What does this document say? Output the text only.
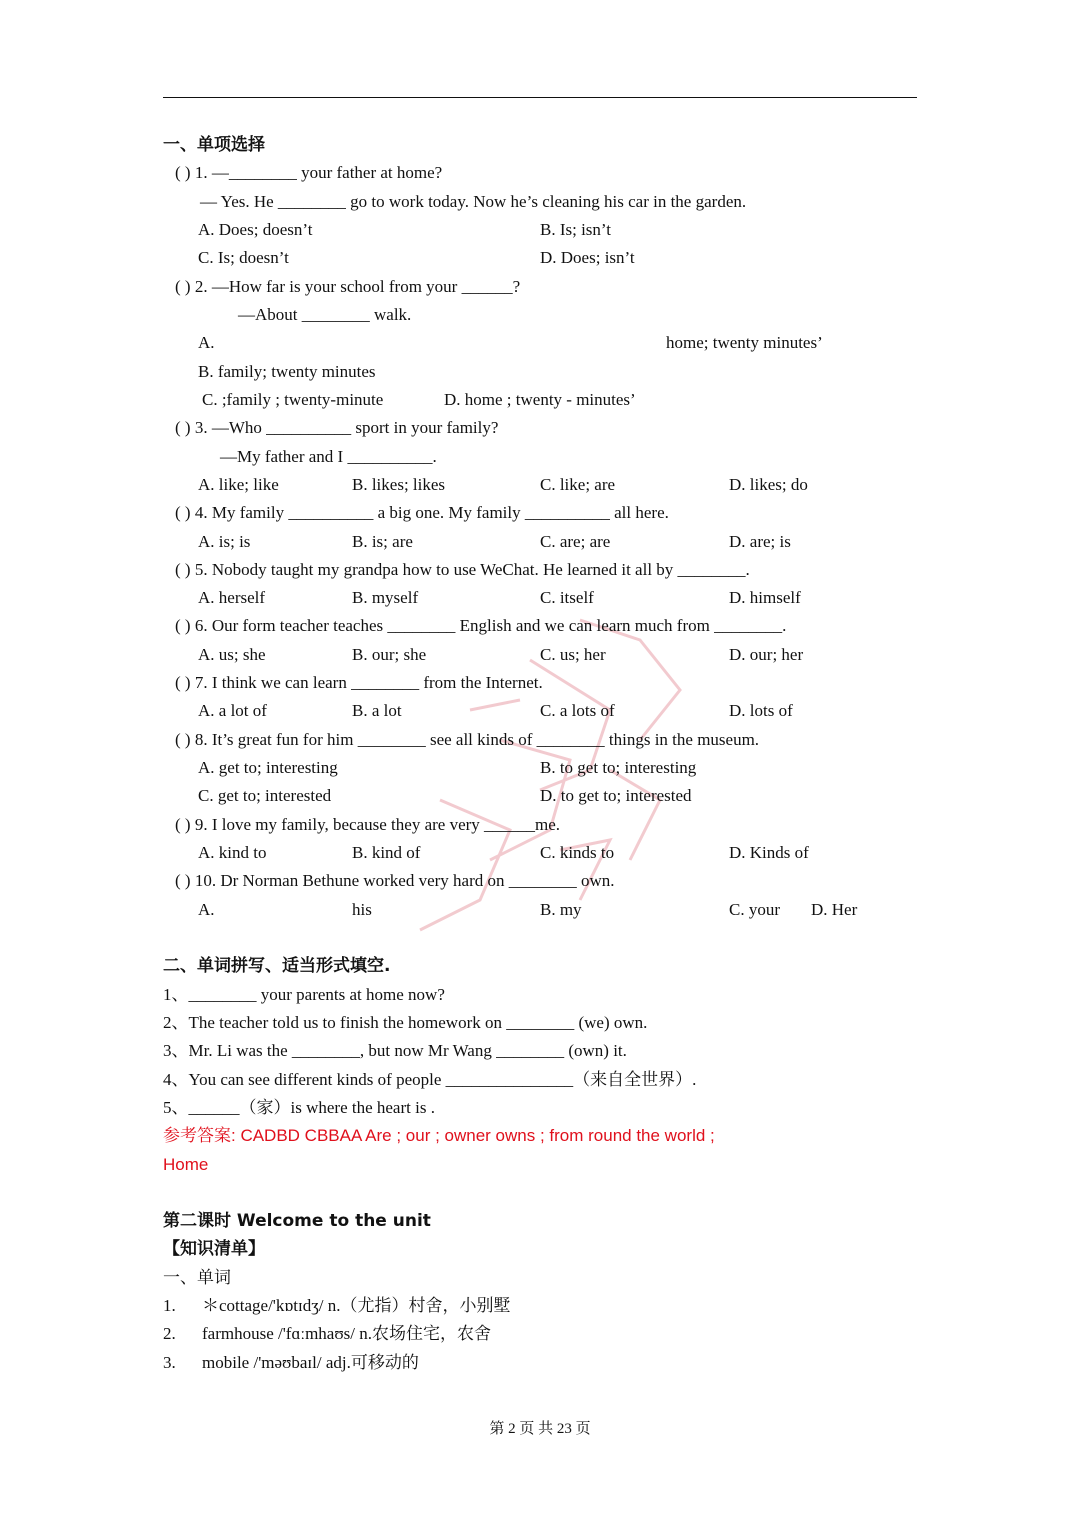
一、单项选择
( ) 1. —________ your father at home?
— Yes. He ________ go to work today. Now he’s cleaning his car in the garden.
A. Does; doesn’t	B. Is; isn’t
C. Is; doesn’t	D. Does; isn’t
( ) 2. —How far is your school from your ______?
—About ________ walk.
A.	home; twenty minutes’
B. family; twenty minutes
C. ;family ; twenty-minute	D. home ; twenty - minutes’
( ) 3. —Who __________ sport in your family?
—My father and I __________.
A. like; like	B. likes; likes	C. like; are	D. likes; do
( ) 4. My family __________ a big one. My family __________ all here.
A. is; is	B. is; are	C. are; are	D. are; is
( ) 5. Nobody taught my grandpa how to use WeChat. He learned it all by ________.
A. herself	B. myself	C. itself	D. himself
( ) 6. Our form teacher teaches ________ English and we can learn much from ________.
A. us; she	B. our; she	C. us; her	D. our; her
( ) 7. I think we can learn ________ from the Internet.
A. a lot of	B. a lot	C. a lots of	D. lots of
( ) 8. It’s great fun for him ________ see all kinds of ________ things in the museum.
A. get to; interesting	B. to get to; interesting
C. get to; interested	D. to get to; interested
( ) 9. I love my family, because they are very ______me.
A. kind to	B. kind of	C. kinds to	D. Kinds of
( ) 10. Dr Norman Bethune worked very hard on ________ own.
A.	his	B. my	C. your D. Her
二、单词拼写、适当形式填空.
1、________ your parents at home now?
2、The teacher told us to finish the homework on ________ (we) own.
3、Mr. Li was the ________, but now Mr Wang ________ (own) it.
4、You can see different kinds of people _______________（来自全世界）.
5、______（家）is where the heart is .
参考答案: CADBD CBBAA Are ; our ; owner owns ; from round the world ;
Home
第二课时 Welcome to the unit
【知识清单】
一、单词
1. ＊cottage/'kɒtɪdʒ/ n.（尤指）村舍，小别墅
2. farmhouse /'fɑːmhaʊs/ n.农场住宅，农舍
3. mobile /'məʊbaɪl/ adj.可移动的
第 2 页 共 23 页
